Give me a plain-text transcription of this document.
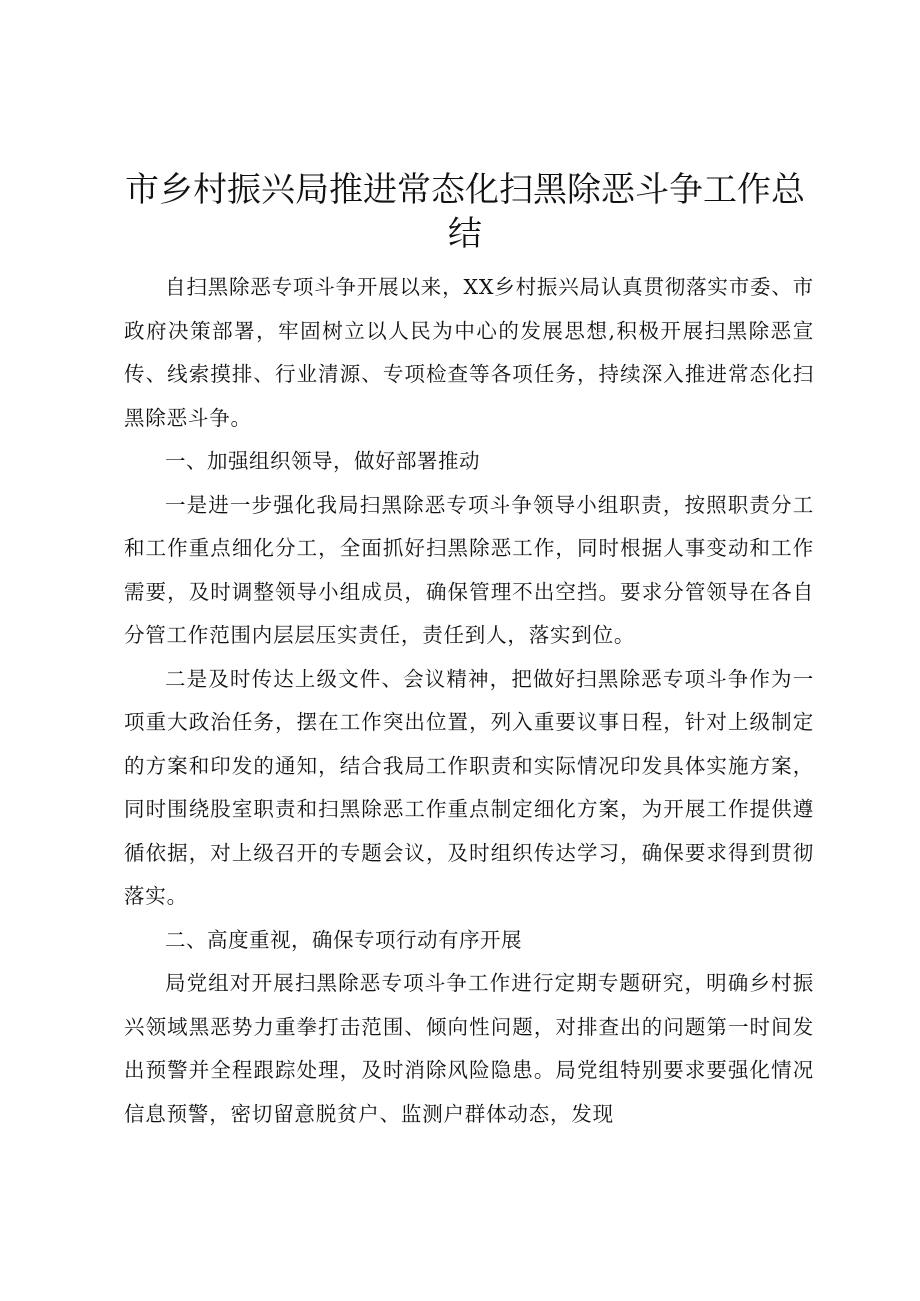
市乡村振兴局推进常态化扫黑除恶斗争工作总
结

自扫黑除恶专项斗争开展以来，XX乡村振兴局认真贯彻落实市委、市政府决策部署，牢固树立以人民为中心的发展思想,积极开展扫黑除恶宣传、线索摸排、行业清源、专项检查等各项任务，持续深入推进常态化扫黑除恶斗争。

一、加强组织领导，做好部署推动

一是进一步强化我局扫黑除恶专项斗争领导小组职责，按照职责分工和工作重点细化分工，全面抓好扫黑除恶工作，同时根据人事变动和工作需要，及时调整领导小组成员，确保管理不出空挡。要求分管领导在各自分管工作范围内层层压实责任，责任到人，落实到位。

二是及时传达上级文件、会议精神，把做好扫黑除恶专项斗争作为一项重大政治任务，摆在工作突出位置，列入重要议事日程，针对上级制定的方案和印发的通知，结合我局工作职责和实际情况印发具体实施方案，同时围绕股室职责和扫黑除恶工作重点制定细化方案，为开展工作提供遵循依据，对上级召开的专题会议，及时组织传达学习，确保要求得到贯彻落实。

二、高度重视，确保专项行动有序开展

局党组对开展扫黑除恶专项斗争工作进行定期专题研究，明确乡村振兴领域黑恶势力重拳打击范围、倾向性问题，对排查出的问题第一时间发出预警并全程跟踪处理，及时消除风险隐患。局党组特别要求要强化情况信息预警，密切留意脱贫户、监测户群体动态，发现
